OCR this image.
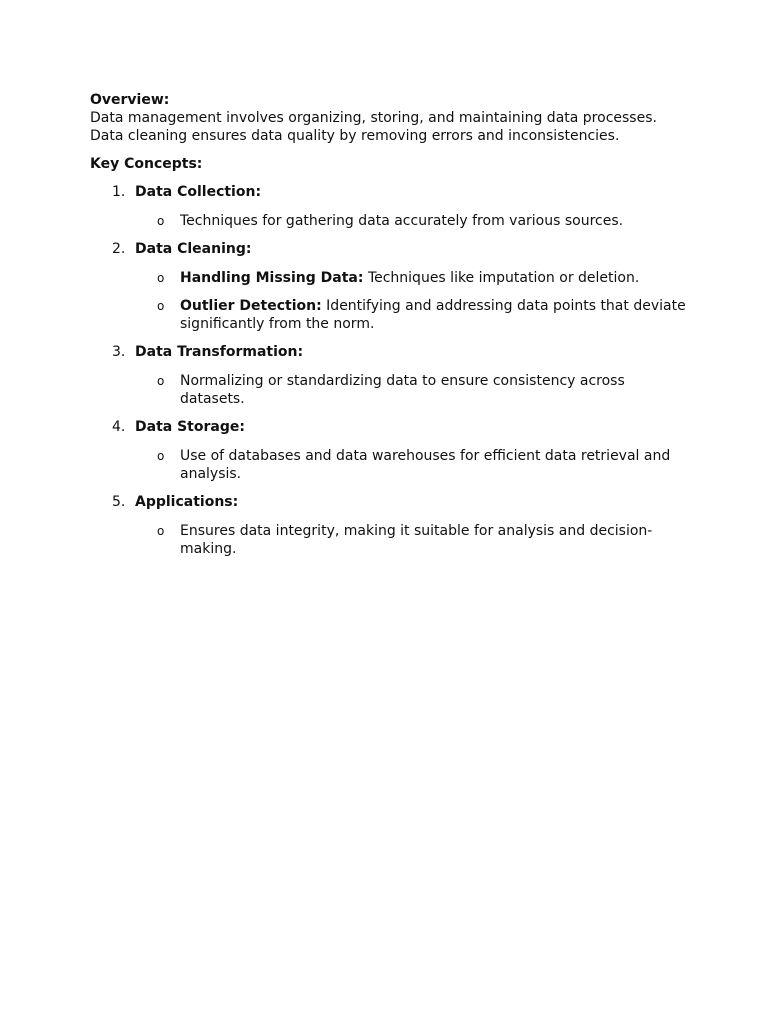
Overview:

Data management involves organizing, storing, and maintaining data processes.

Data cleaning ensures data quality by removing errors and inconsistencies.

Key Concepts:

1. Data Collection:
o Techniques for gathering data accurately from various sources.
2. Data Cleaning:
o Handling Missing Data: Techniques like imputation or deletion.
o Outlier Detection: Identifying and addressing data points that deviate significantly from the norm.
3. Data Transformation:
o Normalizing or standardizing data to ensure consistency across datasets.
4. Data Storage:
o Use of databases and data warehouses for efficient data retrieval and analysis.
5. Applications:
o Ensures data integrity, making it suitable for analysis and decision-making.
